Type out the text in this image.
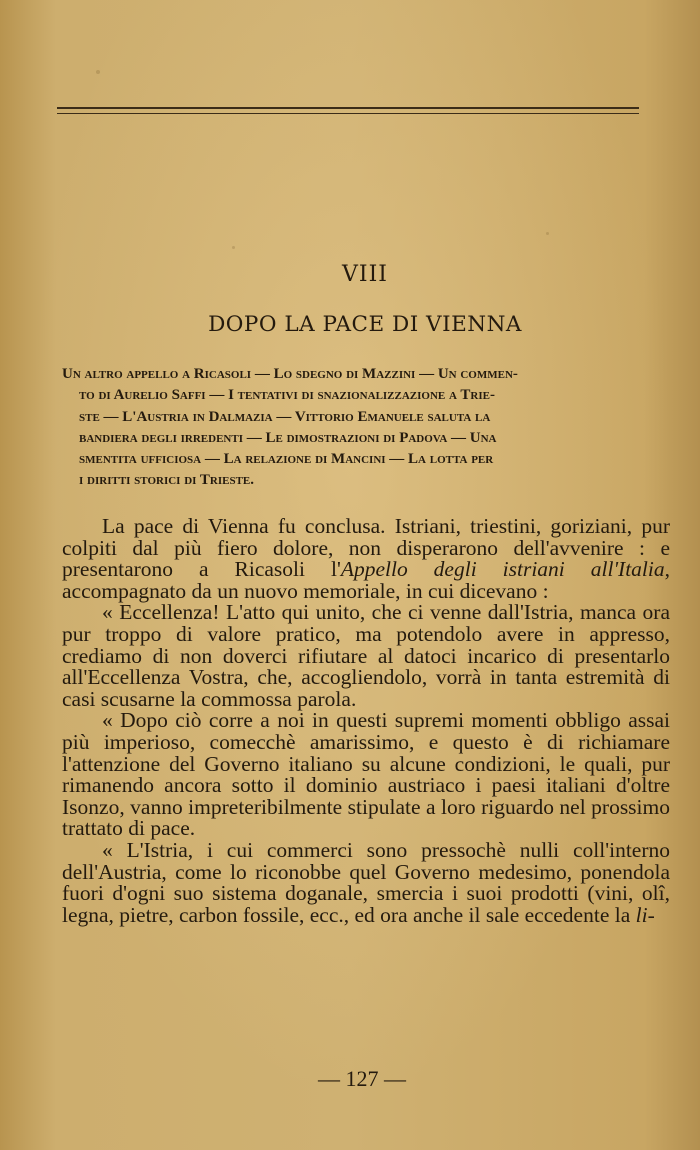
VIII
DOPO LA PACE DI VIENNA
Un altro appello a Ricasoli — Lo sdegno di Mazzini — Un commen-
to di Aurelio Saffi — I tentativi di snazionalizzazione a Trie-
ste — L'Austria in Dalmazia — Vittorio Emanuele saluta la
bandiera degli irredenti — Le dimostrazioni di Padova — Una
smentita ufficiosa — La relazione di Mancini — La lotta per
i diritti storici di Trieste.

La pace di Vienna fu conclusa. Istriani, triestini, goriziani, pur colpiti dal più fiero dolore, non disperarono dell'avvenire : e presentarono a Ricasoli l'Appello degli istriani all'Italia, accompagnato da un nuovo memoriale, in cui dicevano :

« Eccellenza! L'atto qui unito, che ci venne dall'Istria, manca ora pur troppo di valore pratico, ma potendolo avere in appresso, crediamo di non doverci rifiutare al datoci incarico di presentarlo all'Eccellenza Vostra, che, accogliendolo, vorrà in tanta estremità di casi scusarne la commossa parola.

« Dopo ciò corre a noi in questi supremi momenti obbligo assai più imperioso, comecchè amarissimo, e questo è di richiamare l'attenzione del Governo italiano su alcune condizioni, le quali, pur rimanendo ancora sotto il dominio austriaco i paesi italiani d'oltre Isonzo, vanno impreteribilmente stipulate a loro riguardo nel prossimo trattato di pace.

« L'Istria, i cui commerci sono pressochè nulli coll'interno dell'Austria, come lo riconobbe quel Governo medesimo, ponendola fuori d'ogni suo sistema doganale, smercia i suoi prodotti (vini, olî, legna, pietre, carbon fossile, ecc., ed ora anche il sale eccedente la li-

— 127 —
